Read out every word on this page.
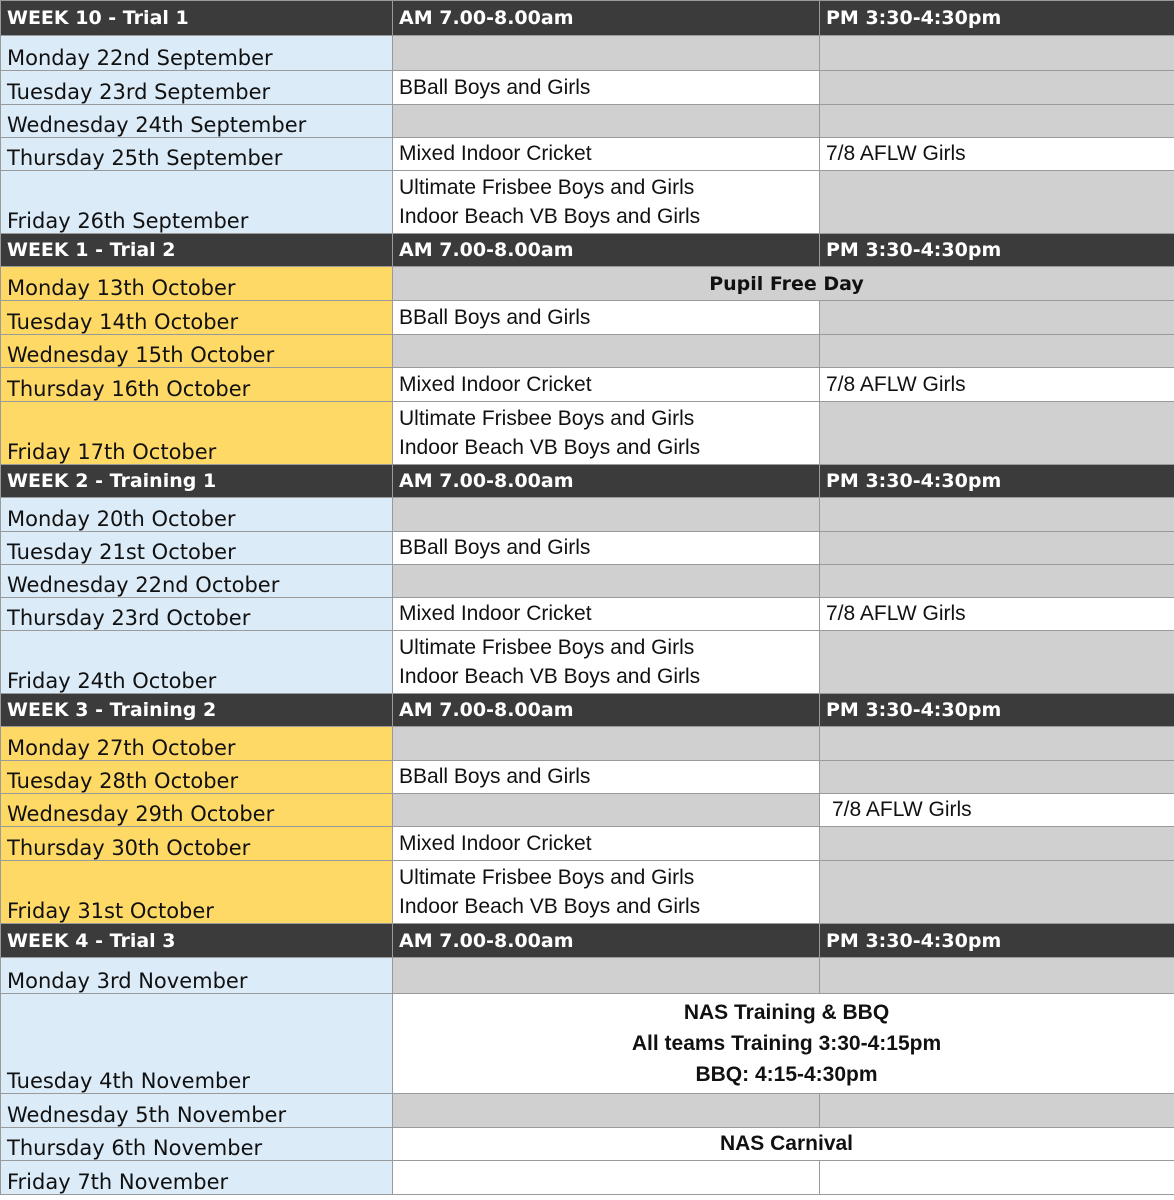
WEEK 10 - Trial 1	AM 7.00-8.00am	PM 3:30-4:30pm
Monday 22nd September		
Tuesday 23rd September	BBall Boys and Girls	
Wednesday 24th September		
Thursday 25th September	Mixed Indoor Cricket	7/8 AFLW Girls
Friday 26th September	Ultimate Frisbee Boys and Girls
Indoor Beach VB Boys and Girls	

WEEK 1 - Trial 2	AM 7.00-8.00am	PM 3:30-4:30pm
Monday 13th October	Pupil Free Day	
Tuesday 14th October	BBall Boys and Girls	
Wednesday 15th October		
Thursday 16th October	Mixed Indoor Cricket	7/8 AFLW Girls
Friday 17th October	Ultimate Frisbee Boys and Girls
Indoor Beach VB Boys and Girls	

WEEK 2 - Training 1	AM 7.00-8.00am	PM 3:30-4:30pm
Monday 20th October		
Tuesday 21st October	BBall Boys and Girls	
Wednesday 22nd October		
Thursday 23rd October	Mixed Indoor Cricket	7/8 AFLW Girls
Friday 24th October	Ultimate Frisbee Boys and Girls
Indoor Beach VB Boys and Girls	

WEEK 3 - Training 2	AM 7.00-8.00am	PM 3:30-4:30pm
Monday 27th October		
Tuesday 28th October	BBall Boys and Girls	
Wednesday 29th October		7/8 AFLW Girls
Thursday 30th October	Mixed Indoor Cricket	
Friday 31st October	Ultimate Frisbee Boys and Girls
Indoor Beach VB Boys and Girls	

WEEK 4 - Trial 3	AM 7.00-8.00am	PM 3:30-4:30pm
Monday 3rd November		
Tuesday 4th November	NAS Training & BBQ
All teams Training 3:30-4:15pm
BBQ: 4:15-4:30pm	

Wednesday 5th November		
Thursday 6th November	NAS Carnival	
Friday 7th November		
